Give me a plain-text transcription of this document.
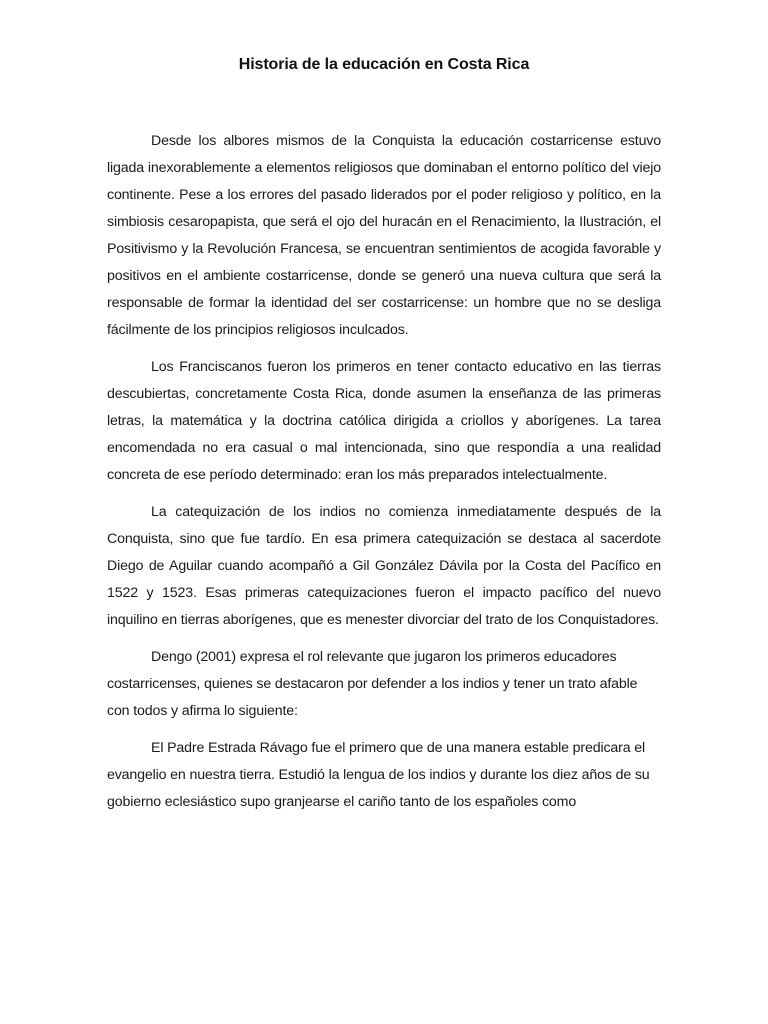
Historia de la educación en Costa Rica

Desde los albores mismos de la Conquista la educación costarricense estuvo ligada inexorablemente a elementos religiosos que dominaban el entorno político del viejo continente. Pese a los errores del pasado liderados por el poder religioso y político, en la simbiosis cesaropapista, que será el ojo del huracán en el Renacimiento, la Ilustración, el Positivismo y la Revolución Francesa, se encuentran sentimientos de acogida favorable y positivos en el ambiente costarricense, donde se generó una nueva cultura que será la responsable de formar la identidad del ser costarricense: un hombre que no se desliga fácilmente de los principios religiosos inculcados.

Los Franciscanos fueron los primeros en tener contacto educativo en las tierras descubiertas, concretamente Costa Rica, donde asumen la enseñanza de las primeras letras, la matemática y la doctrina católica dirigida a criollos y aborígenes. La tarea encomendada no era casual o mal intencionada, sino que respondía a una realidad concreta de ese período determinado: eran los más preparados intelectualmente.

La catequización de los indios no comienza inmediatamente después de la Conquista, sino que fue tardío. En esa primera catequización se destaca al sacerdote Diego de Aguilar cuando acompañó a Gil González Dávila por la Costa del Pacífico en 1522 y 1523. Esas primeras catequizaciones fueron el impacto pacífico del nuevo inquilino en tierras aborígenes, que es menester divorciar del trato de los Conquistadores.

Dengo (2001) expresa el rol relevante que jugaron los primeros educadores costarricenses, quienes se destacaron por defender a los indios y tener un trato afable con todos y afirma lo siguiente:

El Padre Estrada Rávago fue el primero que de una manera estable predicara el evangelio en nuestra tierra. Estudió la lengua de los indios y durante los diez años de su gobierno eclesiástico supo granjearse el cariño tanto de los españoles como
